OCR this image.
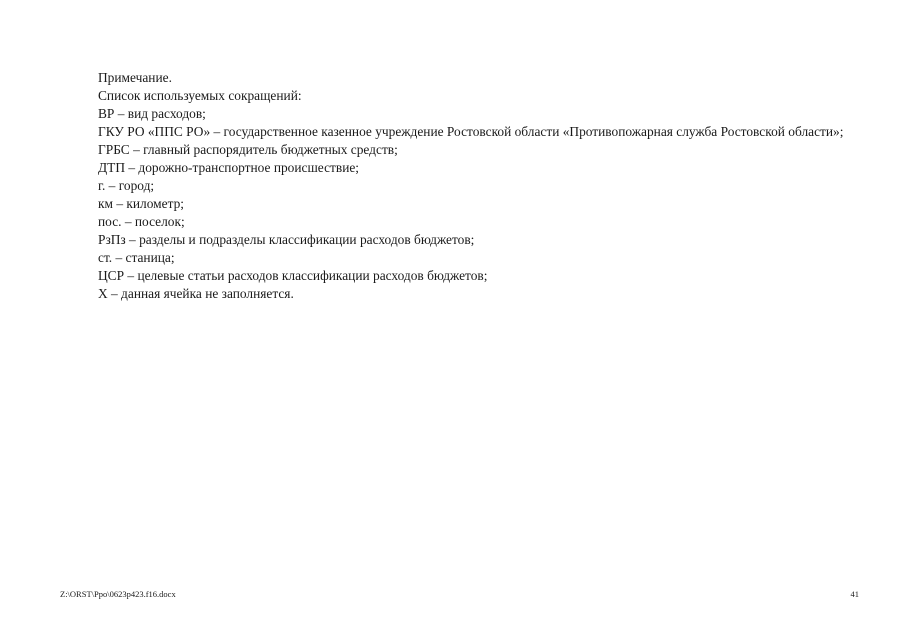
Примечание.

Список используемых сокращений:

ВР – вид расходов;

ГКУ РО «ППС РО» – государственное казенное учреждение Ростовской области «Противопожарная служба Ростовской области»;

ГРБС – главный распорядитель бюджетных средств;

ДТП – дорожно-транспортное происшествие;

г. – город;

км – километр;

пос. – поселок;

РзПз – разделы и подразделы классификации расходов бюджетов;

ст. – станица;

ЦСР – целевые статьи расходов классификации расходов бюджетов;

Х – данная ячейка не заполняется.

Z:\ORST\Ppo\0623p423.f16.docx	41
